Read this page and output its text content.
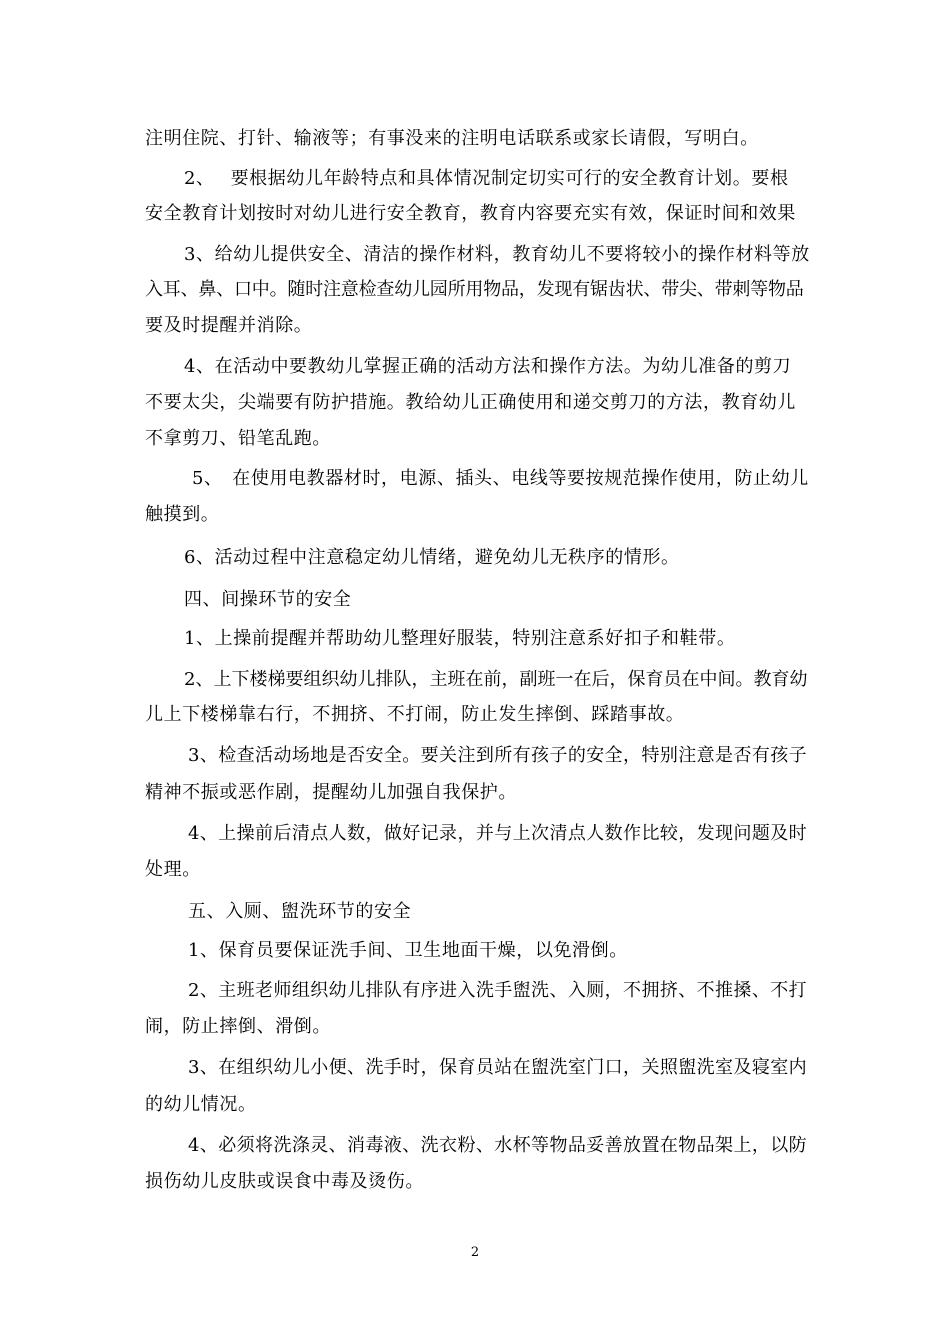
注明住院、打针、输液等；有事没来的注明电话联系或家长请假，写明白。
2、　 要根据幼儿年龄特点和具体情况制定切实可行的安全教育计划。要根
安全教育计划按时对幼儿进行安全教育，教育内容要充实有效，保证时间和效果
3、给幼儿提供安全、清洁的操作材料，教育幼儿不要将较小的操作材料等放
入耳、鼻、口中。随时注意检查幼儿园所用物品，发现有锯齿状、带尖、带刺等物品
要及时提醒并消除。
4、在活动中要教幼儿掌握正确的活动方法和操作方法。为幼儿准备的剪刀
不要太尖，尖端要有防护措施。教给幼儿正确使用和递交剪刀的方法，教育幼儿
不拿剪刀、铅笔乱跑。
5、　在使用电教器材时，电源、插头、电线等要按规范操作使用，防止幼儿
触摸到。
6、活动过程中注意稳定幼儿情绪，避免幼儿无秩序的情形。
四、间操环节的安全
1、上操前提醒并帮助幼儿整理好服装，特别注意系好扣子和鞋带。
2、上下楼梯要组织幼儿排队，主班在前，副班一在后，保育员在中间。教育幼
儿上下楼梯靠右行，不拥挤、不打闹，防止发生摔倒、踩踏事故。
3、检查活动场地是否安全。要关注到所有孩子的安全，特别注意是否有孩子
精神不振或恶作剧，提醒幼儿加强自我保护。
4、上操前后清点人数，做好记录，并与上次清点人数作比较，发现问题及时
处理。
五、入厕、盥洗环节的安全
1、保育员要保证洗手间、卫生地面干燥，以免滑倒。
2、主班老师组织幼儿排队有序进入洗手盥洗、入厕，不拥挤、不推搡、不打
闹，防止摔倒、滑倒。
3、在组织幼儿小便、洗手时，保育员站在盥洗室门口，关照盥洗室及寝室内
的幼儿情况。
4、必须将洗涤灵、消毒液、洗衣粉、水杯等物品妥善放置在物品架上，以防
损伤幼儿皮肤或误食中毒及烫伤。
2
